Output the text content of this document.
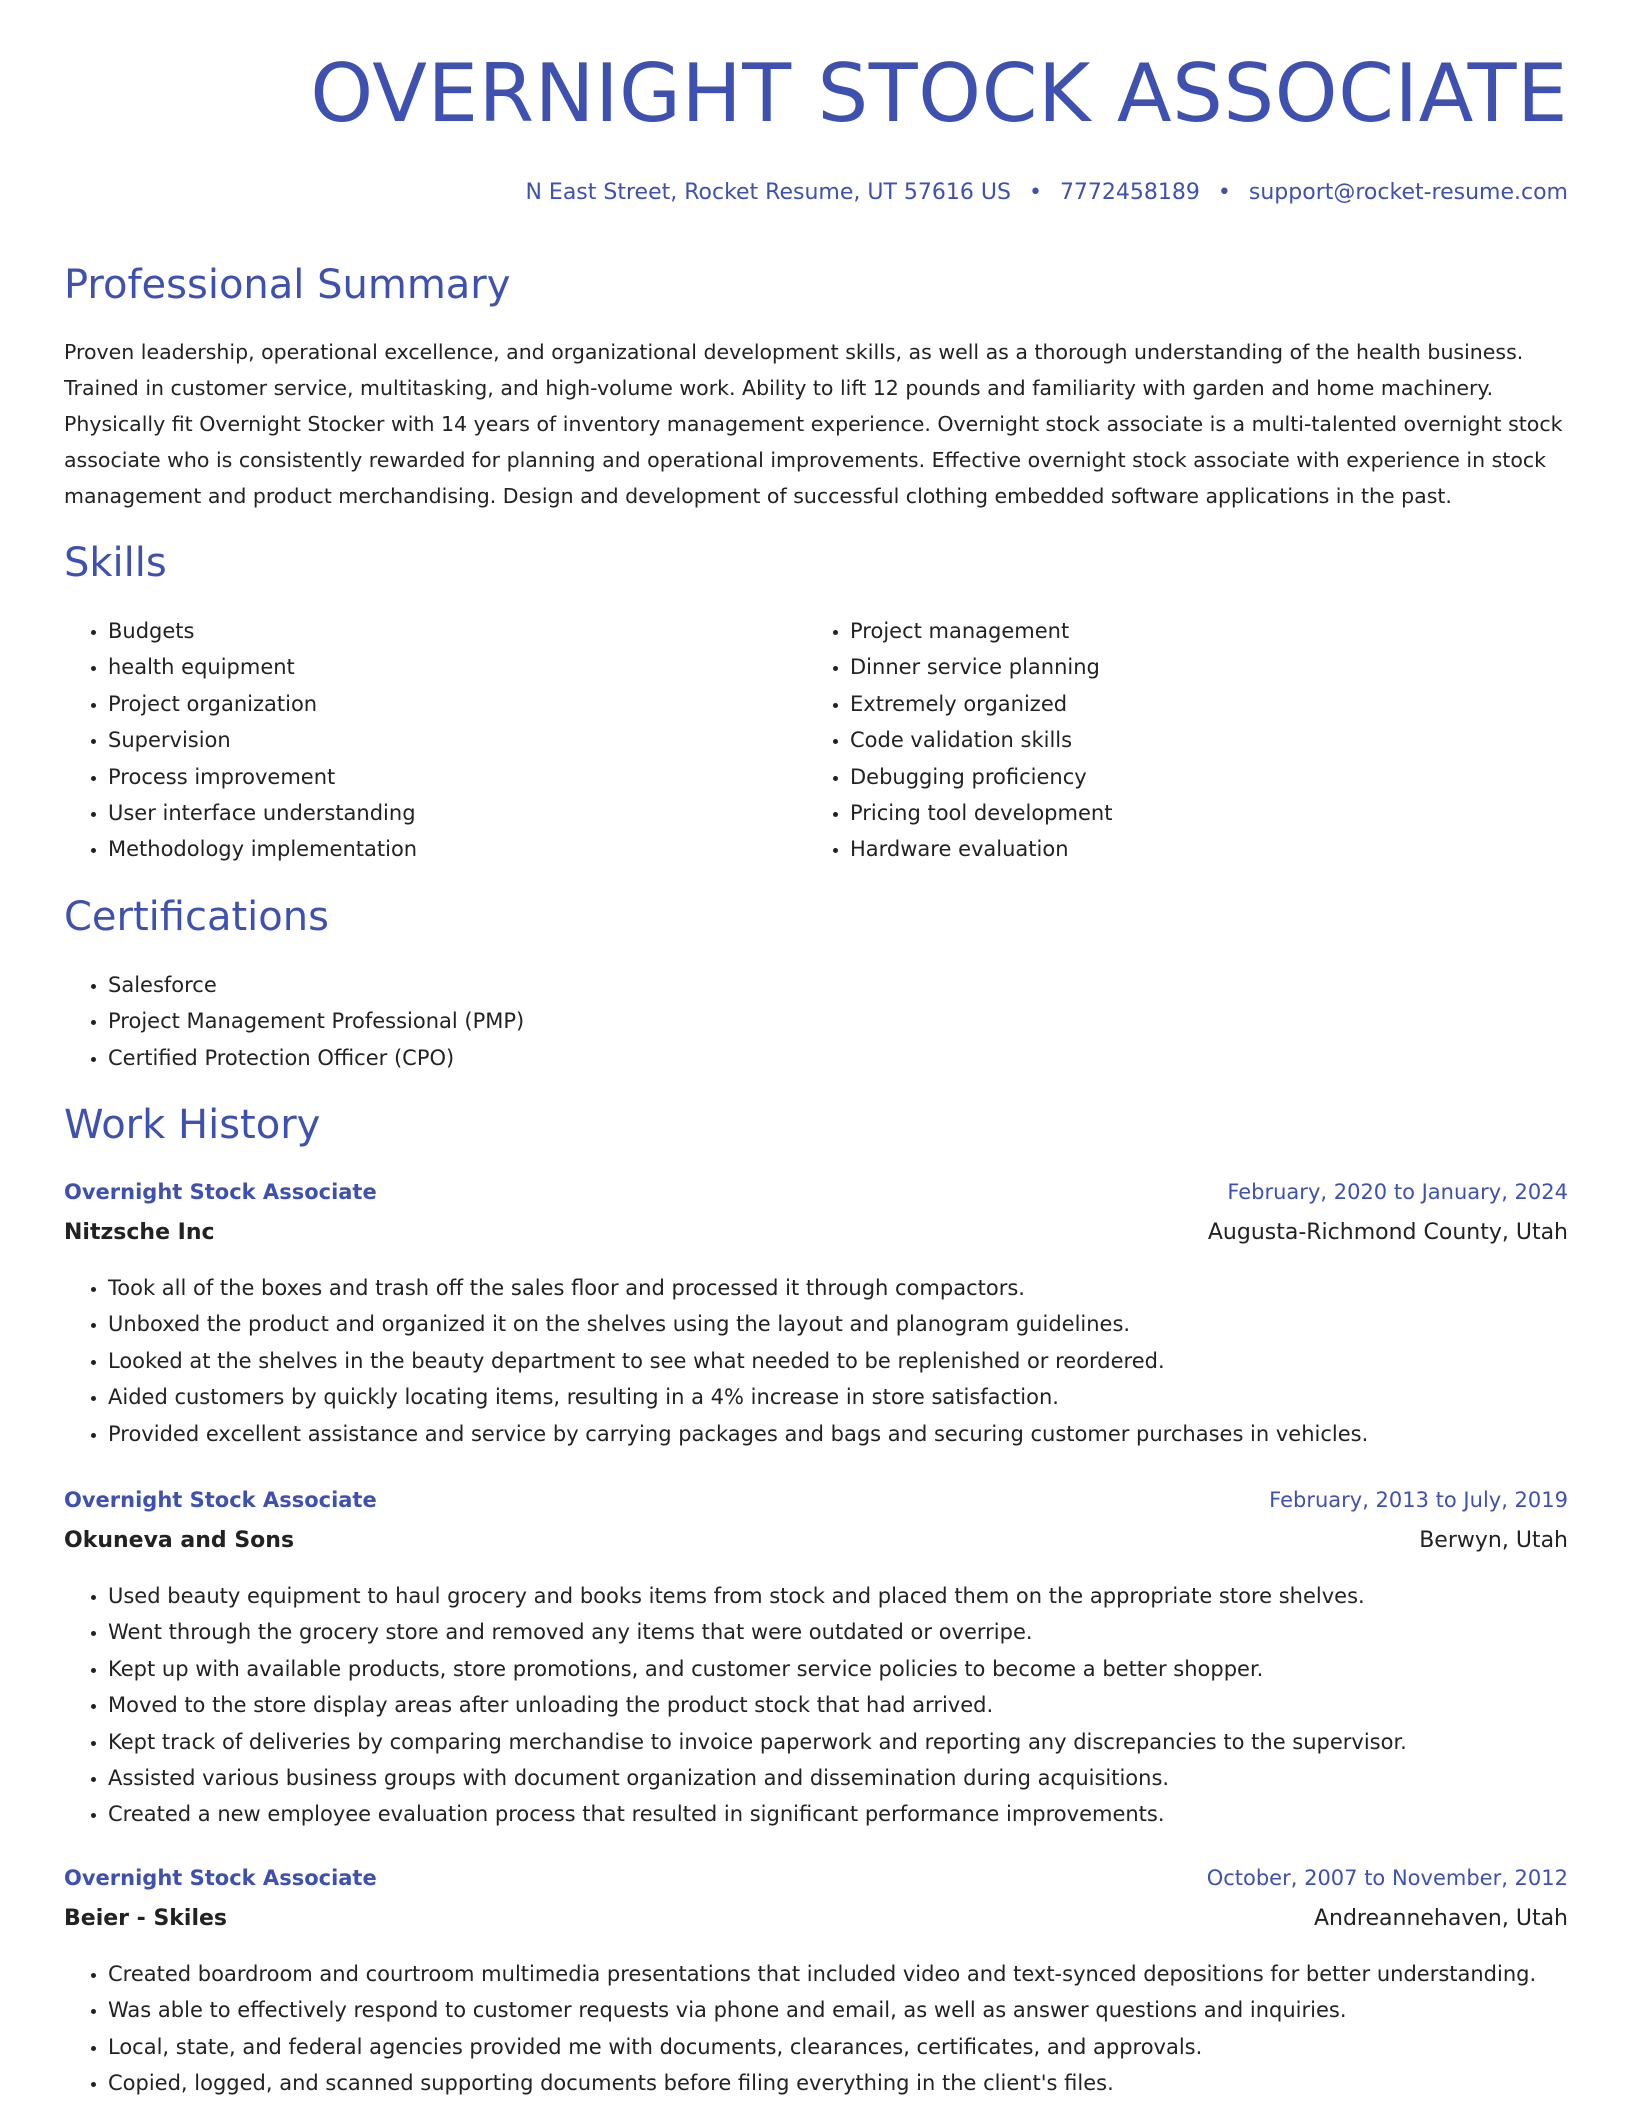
OVERNIGHT STOCK ASSOCIATE
N East Street, Rocket Resume, UT 57616 US • 7772458189 • support@rocket-resume.com
Professional Summary

Proven leadership, operational excellence, and organizational development skills, as well as a thorough understanding of the health business. Trained in customer service, multitasking, and high-volume work. Ability to lift 12 pounds and familiarity with garden and home machinery. Physically fit Overnight Stocker with 14 years of inventory management experience. Overnight stock associate is a multi-talented overnight stock associate who is consistently rewarded for planning and operational improvements. Effective overnight stock associate with experience in stock management and product merchandising. Design and development of successful clothing embedded software applications in the past.

Skills
• Budgets
• health equipment
• Project organization
• Supervision
• Process improvement
• User interface understanding
• Methodology implementation
• Project management
• Dinner service planning
• Extremely organized
• Code validation skills
• Debugging proficiency
• Pricing tool development
• Hardware evaluation
Certifications
• Salesforce
• Project Management Professional (PMP)
• Certified Protection Officer (CPO)
Work History
Overnight Stock Associate	February, 2020 to January, 2024
Nitzsche Inc	Augusta-Richmond County, Utah
• Took all of the boxes and trash off the sales floor and processed it through compactors.
• Unboxed the product and organized it on the shelves using the layout and planogram guidelines.
• Looked at the shelves in the beauty department to see what needed to be replenished or reordered.
• Aided customers by quickly locating items, resulting in a 4% increase in store satisfaction.
• Provided excellent assistance and service by carrying packages and bags and securing customer purchases in vehicles.
Overnight Stock Associate	February, 2013 to July, 2019
Okuneva and Sons	Berwyn, Utah
• Used beauty equipment to haul grocery and books items from stock and placed them on the appropriate store shelves.
• Went through the grocery store and removed any items that were outdated or overripe.
• Kept up with available products, store promotions, and customer service policies to become a better shopper.
• Moved to the store display areas after unloading the product stock that had arrived.
• Kept track of deliveries by comparing merchandise to invoice paperwork and reporting any discrepancies to the supervisor.
• Assisted various business groups with document organization and dissemination during acquisitions.
• Created a new employee evaluation process that resulted in significant performance improvements.
Overnight Stock Associate	October, 2007 to November, 2012
Beier - Skiles	Andreannehaven, Utah
• Created boardroom and courtroom multimedia presentations that included video and text-synced depositions for better understanding.
• Was able to effectively respond to customer requests via phone and email, as well as answer questions and inquiries.
• Local, state, and federal agencies provided me with documents, clearances, certificates, and approvals.
• Copied, logged, and scanned supporting documents before filing everything in the client's files.
